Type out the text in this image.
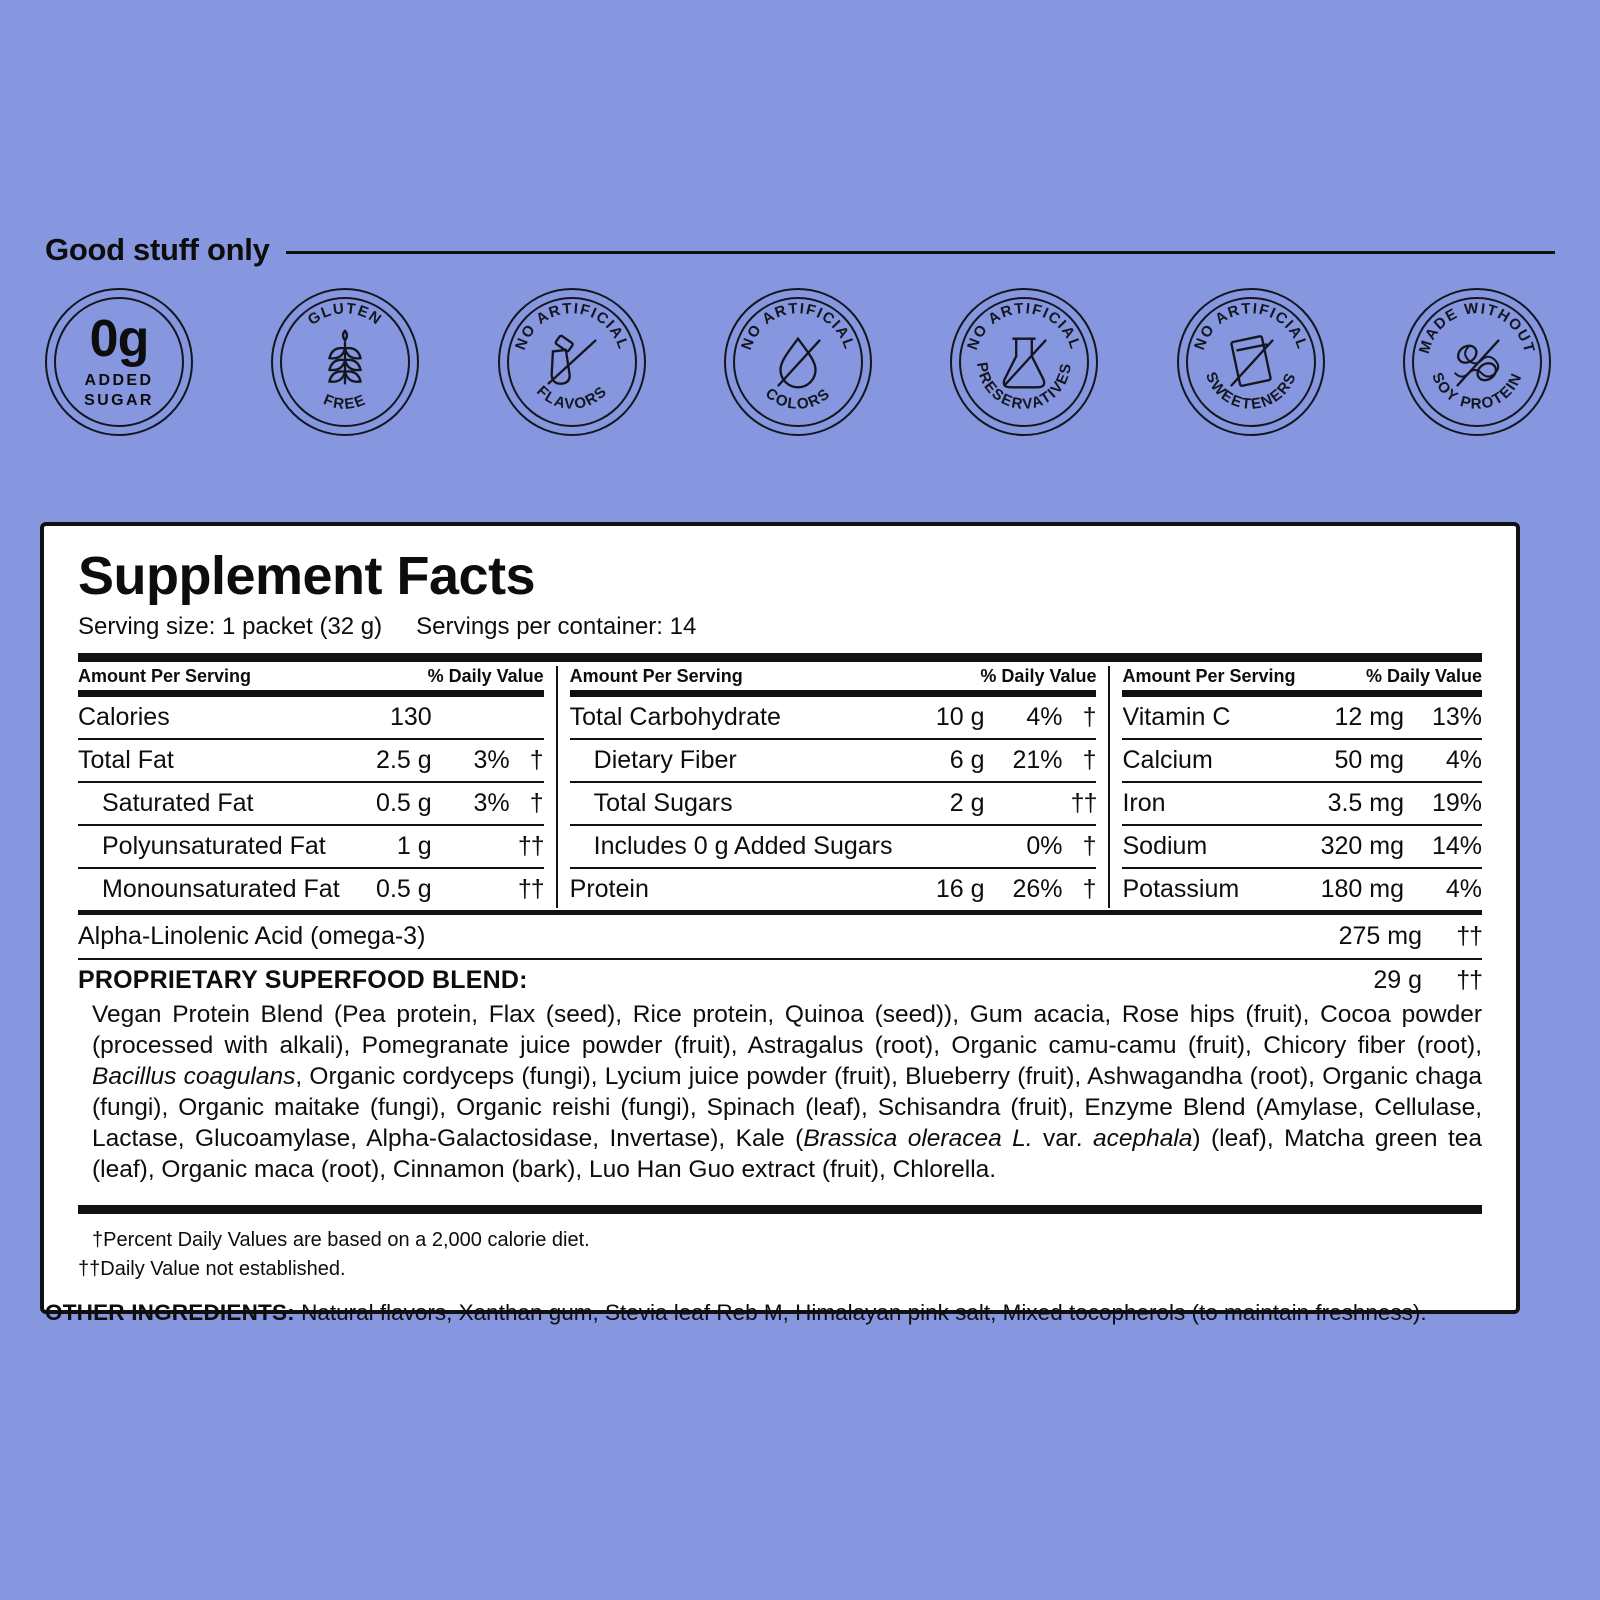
Good stuff only
0g
ADDED
SUGAR
GLUTEN
FREE
NO ARTIFICIAL
FLAVORS
NO ARTIFICIAL
COLORS
NO ARTIFICIAL
PRESERVATIVES
NO ARTIFICIAL
SWEETENERS
MADE WITHOUT
SOY PROTEIN
Supplement Facts
Serving size: 1 packet (32 g) Servings per container: 14
Amount Per Serving	% Daily Value
Calories	130
Total Fat	2.5 g	3% †
Saturated Fat	0.5 g	3% †
Polyunsaturated Fat	1 g	††
Monounsaturated Fat	0.5 g	††
Amount Per Serving	% Daily Value
Total Carbohydrate	10 g	4% †
Dietary Fiber	6 g	21% †
Total Sugars	2 g	††
Includes 0 g Added Sugars	0% †
Protein	16 g	26% †
Amount Per Serving	% Daily Value
Vitamin C	12 mg	13%
Calcium	50 mg	4%
Iron	3.5 mg	19%
Sodium	320 mg	14%
Potassium	180 mg	4%
Alpha-Linolenic Acid (omega-3)	275 mg	††
PROPRIETARY SUPERFOOD BLEND:	29 g	††
Vegan Protein Blend (Pea protein, Flax (seed), Rice protein, Quinoa (seed)), Gum acacia, Rose hips (fruit), Cocoa powder (processed with alkali), Pomegranate juice powder (fruit), Astragalus (root), Organic camu-camu (fruit), Chicory fiber (root), Bacillus coagulans, Organic cordyceps (fungi), Lycium juice powder (fruit), Blueberry (fruit), Ashwagandha (root), Organic chaga (fungi), Organic maitake (fungi), Organic reishi (fungi), Spinach (leaf), Schisandra (fruit), Enzyme Blend (Amylase, Cellulase, Lactase, Glucoamylase, Alpha-Galactosidase, Invertase), Kale (Brassica oleracea L. var. acephala) (leaf), Matcha green tea (leaf), Organic maca (root), Cinnamon (bark), Luo Han Guo extract (fruit), Chlorella.
†Percent Daily Values are based on a 2,000 calorie diet.
††Daily Value not established.
OTHER INGREDIENTS: Natural flavors, Xanthan gum, Stevia leaf Reb M, Himalayan pink salt, Mixed tocopherols (to maintain freshness).
